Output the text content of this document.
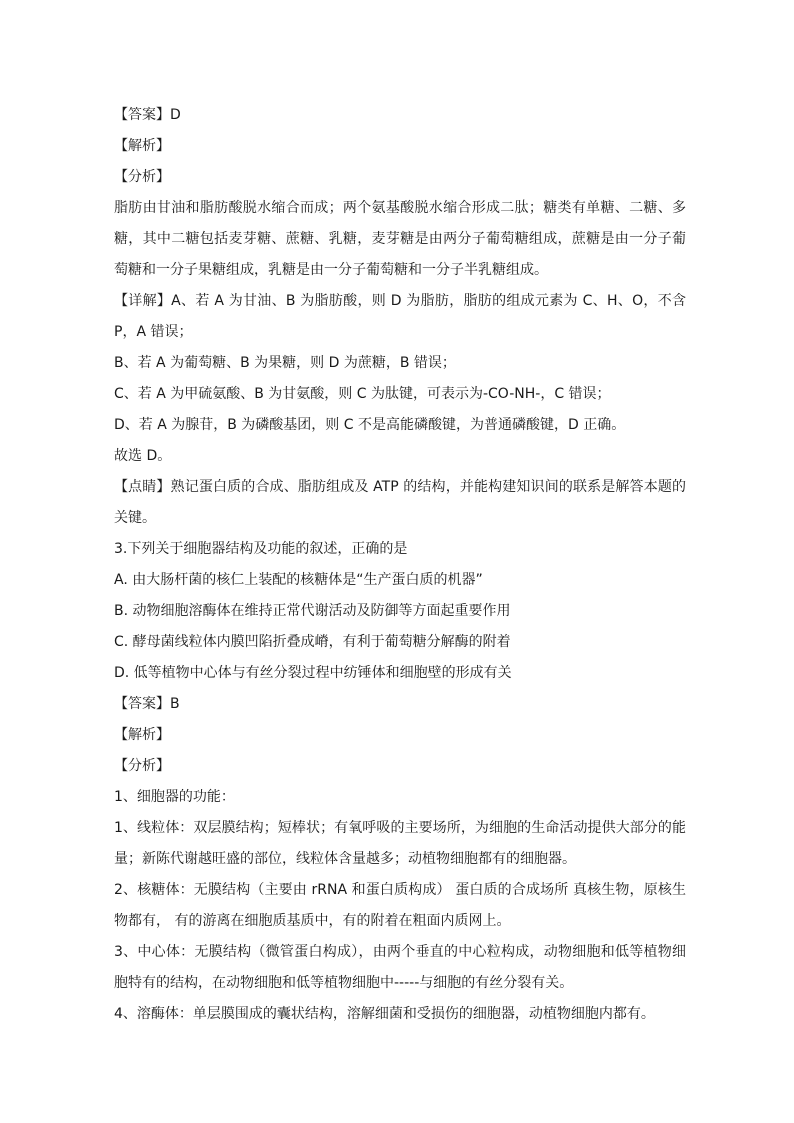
【答案】D
【解析】
【分析】
脂肪由甘油和脂肪酸脱水缩合而成；两个氨基酸脱水缩合形成二肽；糖类有单糖、二糖、多糖，其中二糖包括麦芽糖、蔗糖、乳糖，麦芽糖是由两分子葡萄糖组成，蔗糖是由一分子葡萄糖和一分子果糖组成，乳糖是由一分子葡萄糖和一分子半乳糖组成。
【详解】A、若 A 为甘油、B 为脂肪酸，则 D 为脂肪，脂肪的组成元素为 C、H、O，不含 P，A 错误；
B、若 A 为葡萄糖、B 为果糖，则 D 为蔗糖，B 错误；
C、若 A 为甲硫氨酸、B 为甘氨酸，则 C 为肽键，可表示为-CO-NH-，C 错误；
D、若 A 为腺苷，B 为磷酸基团，则 C 不是高能磷酸键，为普通磷酸键，D 正确。
故选 D。
【点睛】熟记蛋白质的合成、脂肪组成及 ATP 的结构，并能构建知识间的联系是解答本题的关键。
3.下列关于细胞器结构及功能的叙述，正确的是
A. 由大肠杆菌的核仁上装配的核糖体是“生产蛋白质的机器”
B. 动物细胞溶酶体在维持正常代谢活动及防御等方面起重要作用
C. 酵母菌线粒体内膜凹陷折叠成嵴，有利于葡萄糖分解酶的附着
D. 低等植物中心体与有丝分裂过程中纺锤体和细胞壁的形成有关
【答案】B
【解析】
【分析】
1、细胞器的功能：
1、线粒体：双层膜结构；短棒状；有氧呼吸的主要场所，为细胞的生命活动提供大部分的能量；新陈代谢越旺盛的部位，线粒体含量越多；动植物细胞都有的细胞器。
2、核糖体：无膜结构（主要由 rRNA 和蛋白质构成） 蛋白质的合成场所 真核生物，原核生物都有， 有的游离在细胞质基质中，有的附着在粗面内质网上。
3、中心体：无膜结构（微管蛋白构成），由两个垂直的中心粒构成，动物细胞和低等植物细胞特有的结构，在动物细胞和低等植物细胞中-----与细胞的有丝分裂有关。
4、溶酶体：单层膜围成的囊状结构，溶解细菌和受损伤的细胞器，动植物细胞内都有。
